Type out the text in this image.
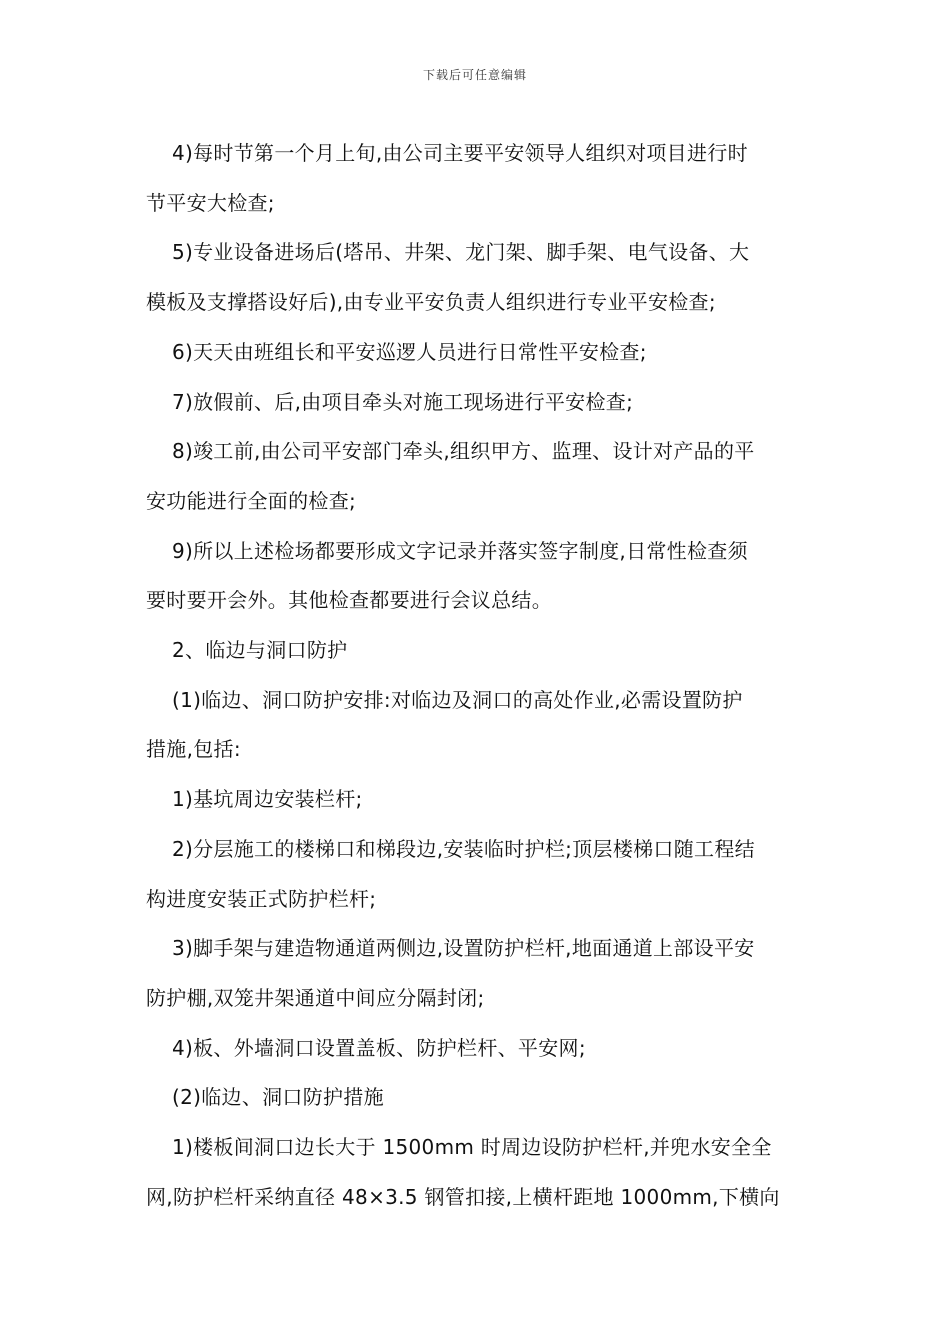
下载后可任意编辑
4)每时节第一个月上旬,由公司主要平安领导人组织对项目进行时
节平安大检查;
5)专业设备进场后(塔吊、井架、龙门架、脚手架、电气设备、大
模板及支撑搭设好后),由专业平安负责人组织进行专业平安检查;
6)天天由班组长和平安巡逻人员进行日常性平安检查;
7)放假前、后,由项目牵头对施工现场进行平安检查;
8)竣工前,由公司平安部门牵头,组织甲方、监理、设计对产品的平
安功能进行全面的检查;
9)所以上述检场都要形成文字记录并落实签字制度,日常性检查须
要时要开会外。其他检查都要进行会议总结。
2、临边与洞口防护
(1)临边、洞口防护安排:对临边及洞口的高处作业,必需设置防护
措施,包括:
1)基坑周边安装栏杆;
2)分层施工的楼梯口和梯段边,安装临时护栏;顶层楼梯口随工程结
构进度安装正式防护栏杆;
3)脚手架与建造物通道两侧边,设置防护栏杆,地面通道上部设平安
防护棚,双笼井架通道中间应分隔封闭;
4)板、外墙洞口设置盖板、防护栏杆、平安网;
(2)临边、洞口防护措施
1)楼板间洞口边长大于 1500mm 时周边设防护栏杆,并兜水安全全
网,防护栏杆采纳直径 48×3.5 钢管扣接,上横杆距地 1000mm,下横向
